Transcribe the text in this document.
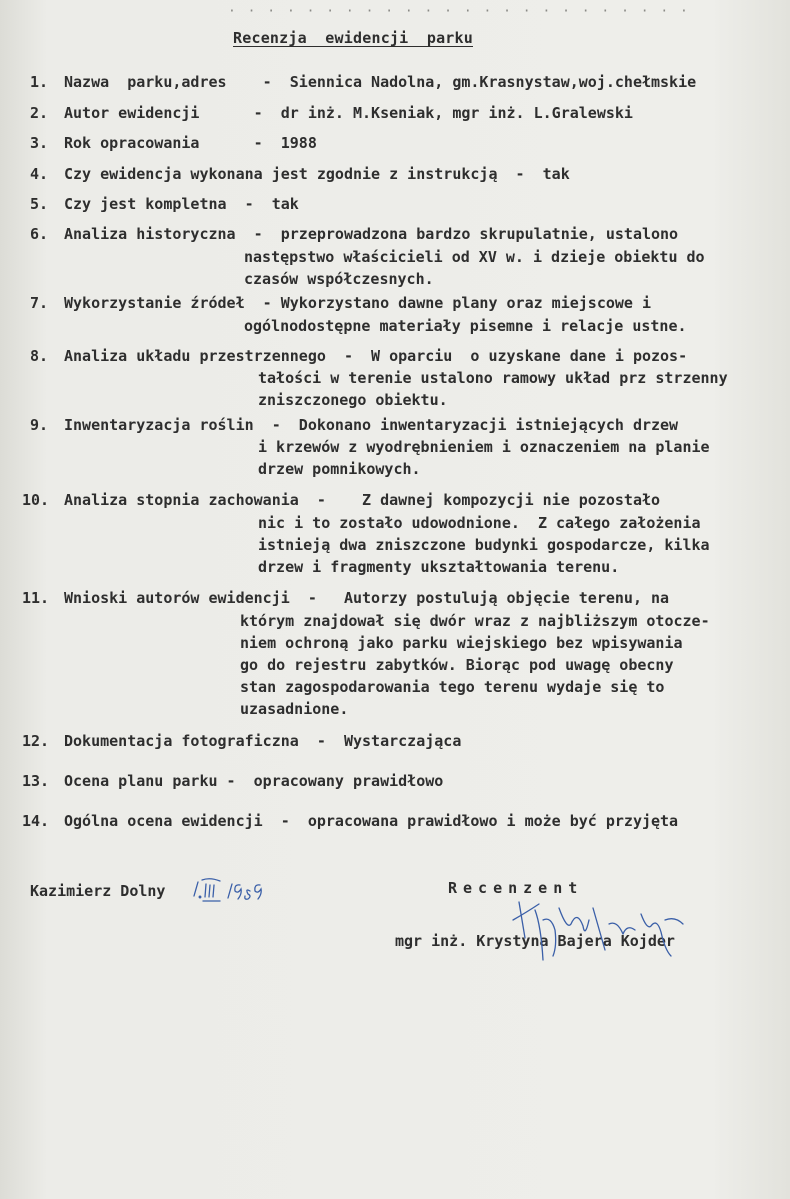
· · · · · · · · · · · · · · · · · · · · · · · ·
Recenzja  ewidencji  parku
1. Nazwa  parku,adres    -  Siennica Nadolna, gm.Krasnystaw,woj.chełmskie
2. Autor ewidencji      -  dr inż. M.Kseniak, mgr inż. L.Gralewski
3. Rok opracowania      -  1988
4. Czy ewidencja wykonana jest zgodnie z instrukcją  -  tak
5. Czy jest kompletna  -  tak
6. Analiza historyczna  -  przeprowadzona bardzo skrupulatnie, ustalono
następstwo właścicieli od XV w. i dzieje obiektu do
czasów współczesnych.
7. Wykorzystanie źródeł  - Wykorzystano dawne plany oraz miejscowe i
ogólnodostępne materiały pisemne i relacje ustne.
8. Analiza układu przestrzennego  -  W oparciu  o uzyskane dane i pozos-
tałości w terenie ustalono ramowy układ prz strzenny
zniszczonego obiektu.
9. Inwentaryzacja roślin  -  Dokonano inwentaryzacji istniejących drzew
i krzewów z wyodrębnieniem i oznaczeniem na planie
drzew pomnikowych.
10. Analiza stopnia zachowania  -    Z dawnej kompozycji nie pozostało
nic i to zostało udowodnione.  Z całego założenia
istnieją dwa zniszczone budynki gospodarcze, kilka
drzew i fragmenty ukształtowania terenu.
11. Wnioski autorów ewidencji  -   Autorzy postulują objęcie terenu, na
którym znajdował się dwór wraz z najbliższym otocze-
niem ochroną jako parku wiejskiego bez wpisywania
go do rejestru zabytków. Biorąc pod uwagę obecny
stan zagospodarowania tego terenu wydaje się to
uzasadnione.
12. Dokumentacja fotograficzna  -  Wystarczająca
13. Ocena planu parku -  opracowany prawidłowo
14. Ogólna ocena ewidencji  -  opracowana prawidłowo i może być przyjęta
Kazimierz Dolny	Recenzent
mgr inż. Krystyna Bajera Kojder
